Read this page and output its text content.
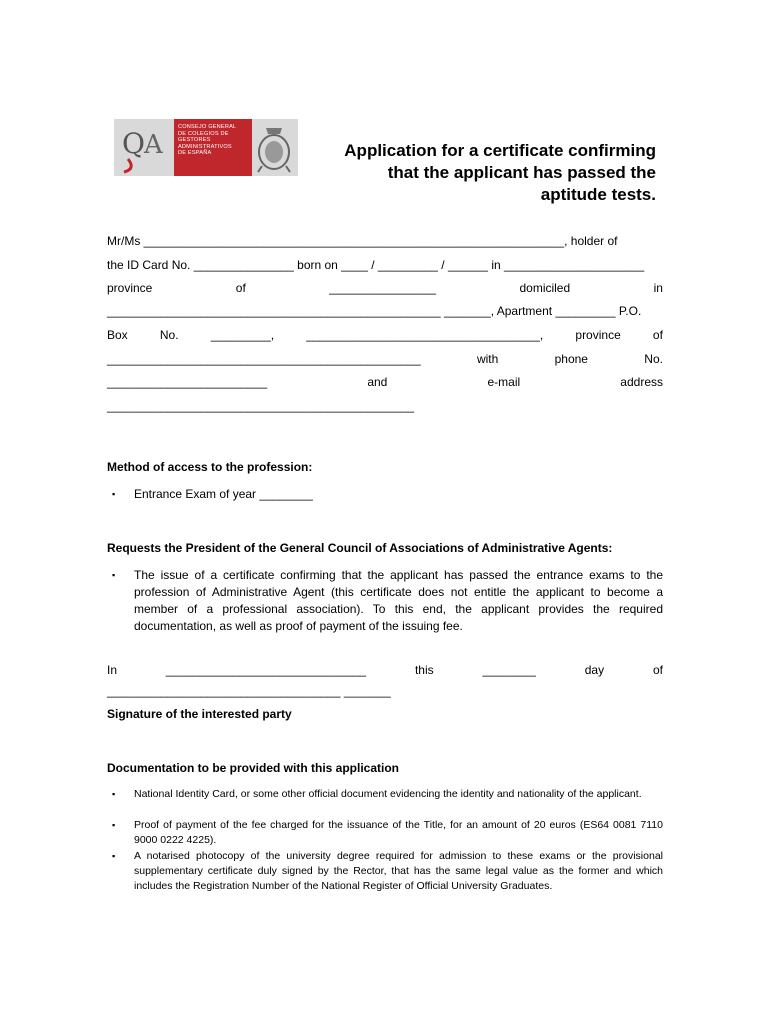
Q A
CONSEJO GENERAL
DE COLEGIOS DE
GESTORES
ADMINISTRATIVOS
DE ESPAÑA	Application for a certificate confirming
that the applicant has passed the
aptitude tests.
Mr/Ms _______________________________________________________________, holder of
the ID Card No. _______________ born on ____ / _________ / ______ in _____________________
province	of	________________	domiciled	in
__________________________________________________ _______, Apartment _________ P.O.
Box	No.	_________,	___________________________________,	province	of
_______________________________________________	with	phone	No.
________________________	and	e-mail	address
______________________________________________
Method of access to the profession:
▪ Entrance Exam of year ________
Requests the President of the General Council of Associations of Administrative Agents:
▪ The issue of a certificate confirming that the applicant has passed the entrance exams to the profession of Administrative Agent (this certificate does not entitle the applicant to become a member of a professional association). To this end, the applicant provides the required documentation, as well as proof of payment of the issuing fee.
In	______________________________	this	________	day	of
___________________________________ _______
Signature of the interested party
Documentation to be provided with this application
▪ National Identity Card, or some other official document evidencing the identity and nationality of the applicant.
▪ Proof of payment of the fee charged for the issuance of the Title, for an amount of 20 euros (ES64 0081 7110 9000 0222 4225).
▪ A notarised photocopy of the university degree required for admission to these exams or the provisional supplementary certificate duly signed by the Rector, that has the same legal value as the former and which includes the Registration Number of the National Register of Official University Graduates.
